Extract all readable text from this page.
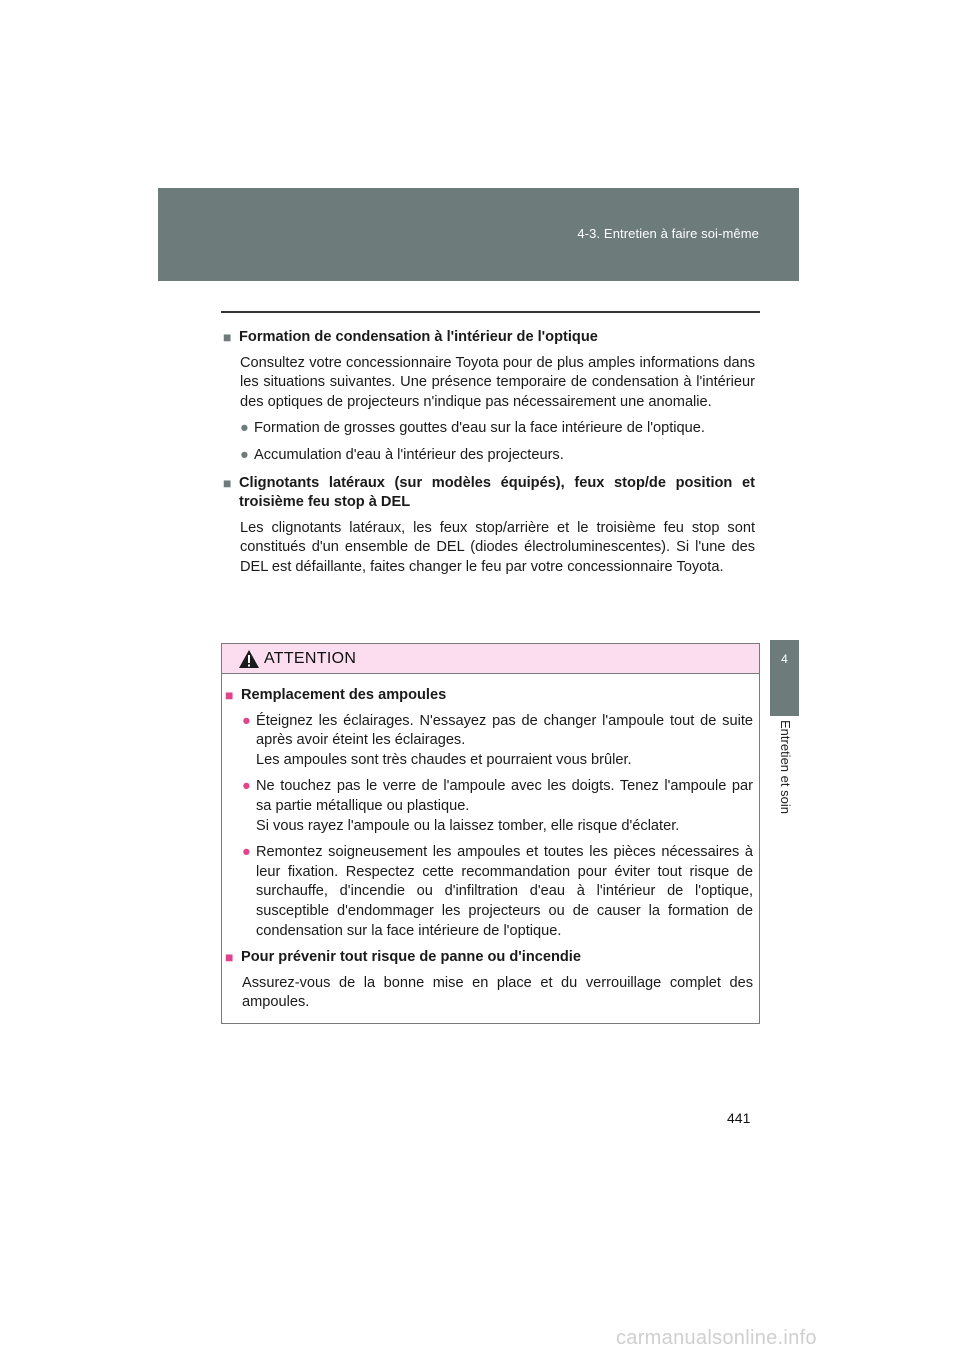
4-3. Entretien à faire soi-même
4
Entretien et soin
■ Formation de condensation à l'intérieur de l'optique

Consultez votre concessionnaire Toyota pour de plus amples informations dans les situations suivantes. Une présence temporaire de condensation à l'intérieur des optiques de projecteurs n'indique pas nécessairement une anomalie.

● Formation de grosses gouttes d'eau sur la face intérieure de l'optique.
● Accumulation d'eau à l'intérieur des projecteurs.
■ Clignotants latéraux (sur modèles équipés), feux stop/de position et troisième feu stop à DEL

Les clignotants latéraux, les feux stop/arrière et le troisième feu stop sont constitués d'un ensemble de DEL (diodes électroluminescentes). Si l'une des DEL est défaillante, faites changer le feu par votre concessionnaire Toyota.

ATTENTION
■ Remplacement des ampoules
● Éteignez les éclairages. N'essayez pas de changer l'ampoule tout de suite après avoir éteint les éclairages.
Les ampoules sont très chaudes et pourraient vous brûler.
● Ne touchez pas le verre de l'ampoule avec les doigts. Tenez l'ampoule par sa partie métallique ou plastique.
Si vous rayez l'ampoule ou la laissez tomber, elle risque d'éclater.
● Remontez soigneusement les ampoules et toutes les pièces nécessaires à leur fixation. Respectez cette recommandation pour éviter tout risque de surchauffe, d'incendie ou d'infiltration d'eau à l'intérieur de l'optique, susceptible d'endommager les projecteurs ou de causer la formation de condensation sur la face intérieure de l'optique.
■ Pour prévenir tout risque de panne ou d'incendie

Assurez-vous de la bonne mise en place et du verrouillage complet des ampoules.

441
carmanualsonline.info
